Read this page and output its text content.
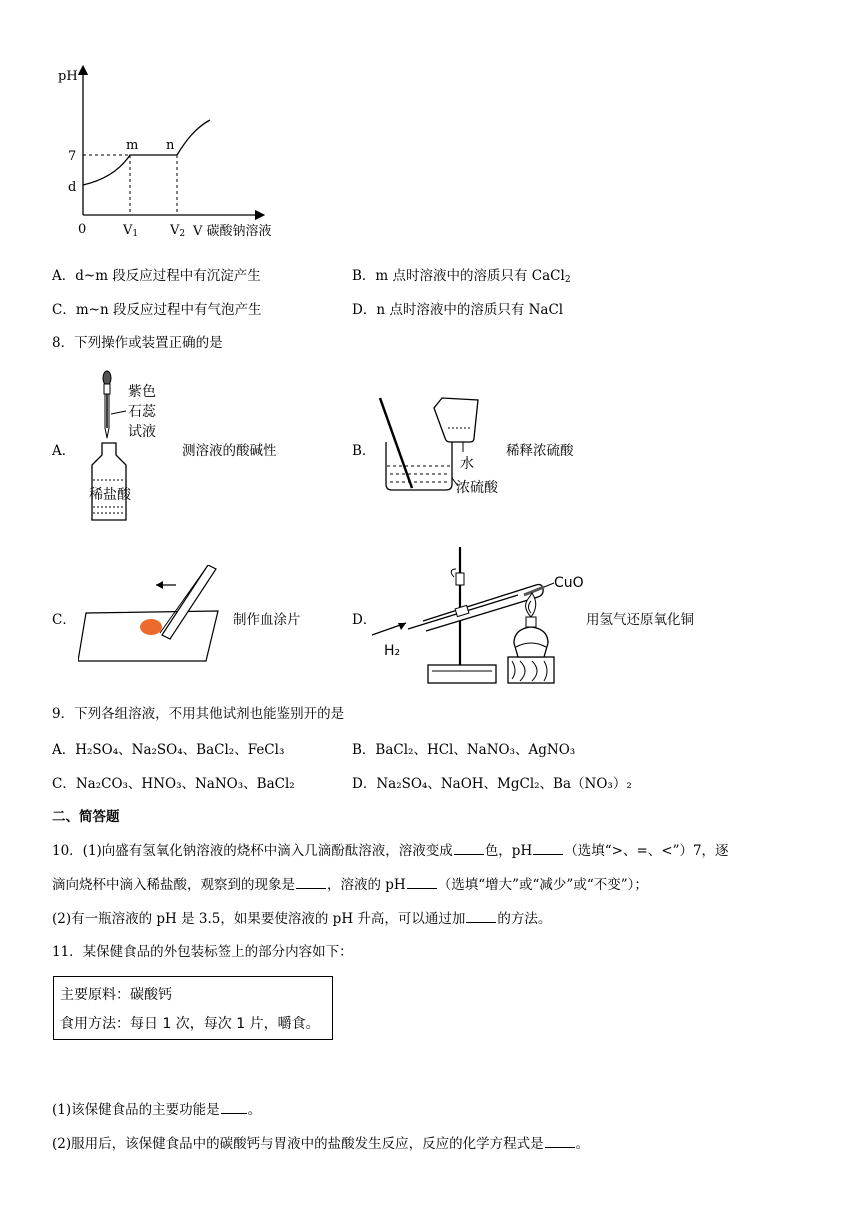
pH
0
7
d
m n
V1 V2 V 碳酸钠溶液
A．d~m 段反应过程中有沉淀产生	B．m 点时溶液中的溶质只有 CaCl$_2$
C．m~n 段反应过程中有气泡产生	D．n 点时溶液中的溶质只有 NaCl
8．下列操作或装置正确的是
A．
稀盐酸
紫色
石蕊
试液
测溶液的酸碱性	B．
水
浓硫酸
稀释浓硫酸
C．	制作血涂片	D．
H₂
CuO
用氢气还原氧化铜
9．下列各组溶液，不用其他试剂也能鉴别开的是
A．H₂SO₄、Na₂SO₄、BaCl₂、FeCl₃	B．BaCl₂、HCl、NaNO₃、AgNO₃
C．Na₂CO₃、HNO₃、NaNO₃、BaCl₂	D．Na₂SO₄、NaOH、MgCl₂、Ba（NO₃）₂
二、简答题
10．(1)向盛有氢氧化钠溶液的烧杯中滴入几滴酚酞溶液，溶液变成 色，pH （选填“>、=、<”）7，逐
滴向烧杯中滴入稀盐酸，观察到的现象是 ，溶液的 pH （选填“增大”或“减少”或“不变”）；
(2)有一瓶溶液的 pH 是 3.5，如果要使溶液的 pH 升高，可以通过加 的方法。
11．某保健食品的外包装标签上的部分内容如下：
主要原料：碳酸钙
食用方法：每日 1 次，每次 1 片，嚼食。
(1)该保健食品的主要功能是 。
(2)服用后，该保健食品中的碳酸钙与胃液中的盐酸发生反应，反应的化学方程式是 。
